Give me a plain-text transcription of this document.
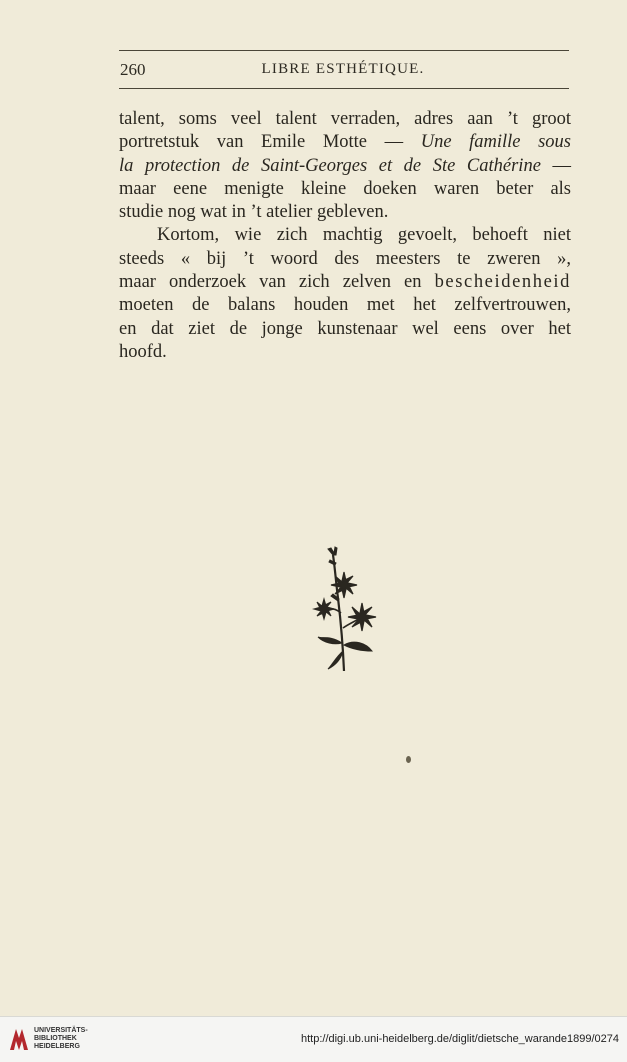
260	LIBRE ESTHÉTIQUE.
talent, soms veel talent verraden, adres aan ’t groot
portretstuk van Emile Motte — Une famille sous
la protection de Saint-Georges et de Ste Cathérine —
maar eene menigte kleine doeken waren beter als
studie nog wat in ’t atelier gebleven.
Kortom, wie zich machtig gevoelt, behoeft niet
steeds « bij ’t woord des meesters te zweren »,
maar onderzoek van zich zelven en bescheidenheid
moeten de balans houden met het zelfvertrouwen,
en dat ziet de jonge kunstenaar wel eens over het
hoofd.
UNIVERSITÄTS-
BIBLIOTHEK
HEIDELBERG
http://digi.ub.uni-heidelberg.de/diglit/dietsche_warande1899/0274
